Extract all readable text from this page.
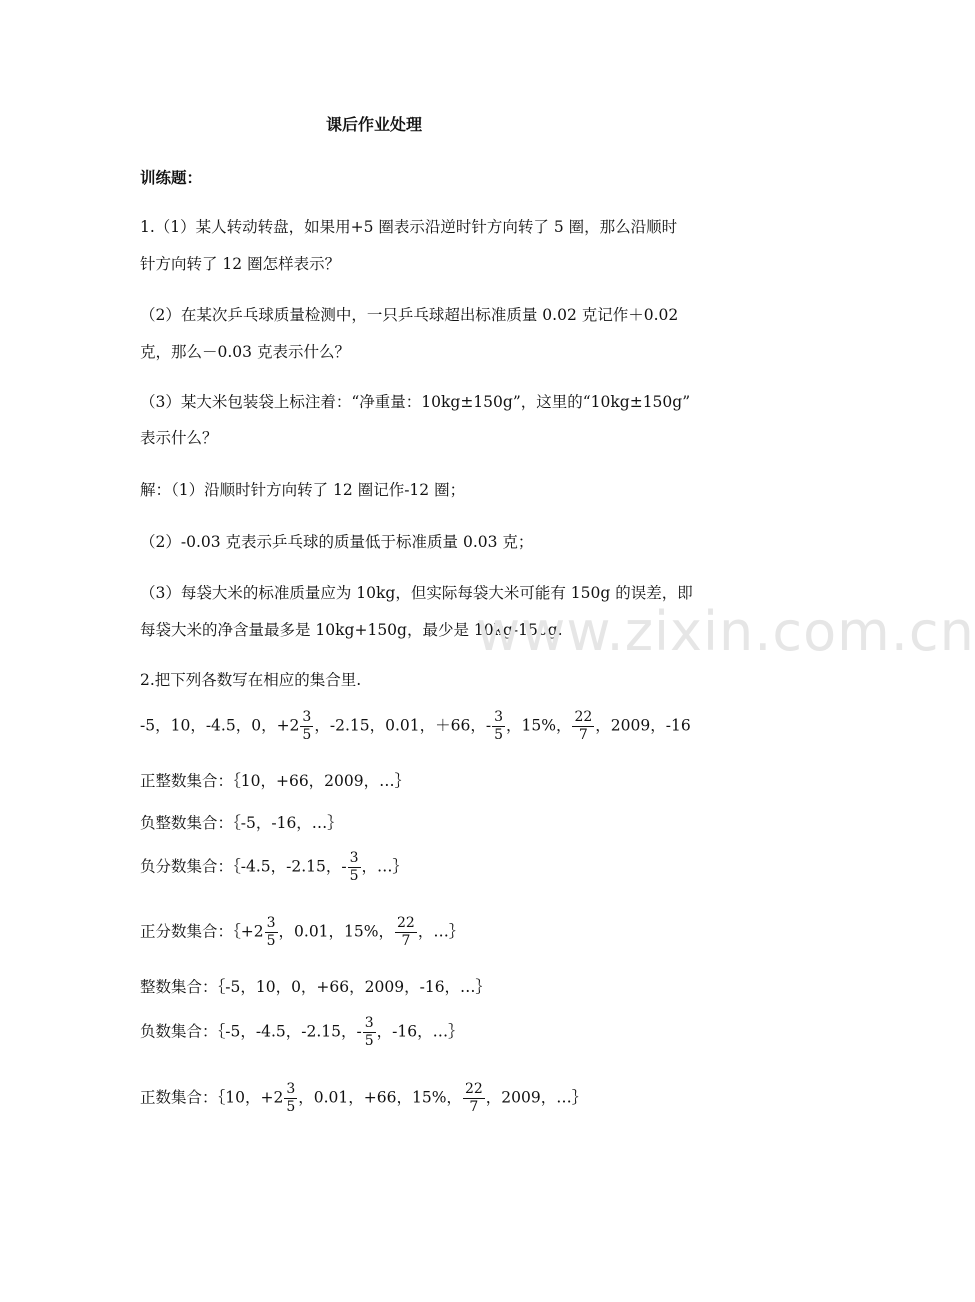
课后作业处理
训练题：
1.（1）某人转动转盘，如果用+5 圈表示沿逆时针方向转了 5 圈，那么沿顺时
针方向转了 12 圈怎样表示？
（2）在某次乒乓球质量检测中，一只乒乓球超出标准质量 0.02 克记作＋0.02
克，那么－0.03 克表示什么？
（3）某大米包装袋上标注着：“净重量：10kg±150g”，这里的“10kg±150g”
表示什么？
解：（1）沿顺时针方向转了 12 圈记作-12 圈；
（2）-0.03 克表示乒乓球的质量低于标准质量 0.03 克；
（3）每袋大米的标准质量应为 10kg，但实际每袋大米可能有 150g 的误差，即
每袋大米的净含量最多是 10kg+150g，最少是 10kg-150g.
www.zixin.com.cn
2.把下列各数写在相应的集合里.
-5，10，-4.5，0，$+2 \frac{3}{5}$ ，-2.15，0.01，＋66，- $\frac{3}{5}$ ，15%， $\frac{22}{7}$ ，2009，-16
正整数集合：｛10，+66，2009，…｝
负整数集合：｛-5，-16，…｝
负分数集合：｛-4.5，-2.15，- $\frac{3}{5}$ ，…｝
正分数集合：｛+2 $\frac{3}{5}$ ，0.01，15%， $\frac{22}{7}$ ，…｝
整数集合：｛-5，10，0，+66，2009，-16，…｝
负数集合：｛-5，-4.5，-2.15，- $\frac{3}{5}$ ，-16，…｝
正数集合：｛10，$+2 \frac{3}{5}$ ，0.01，+66，15%， $\frac{22}{7}$ ，2009，…｝
